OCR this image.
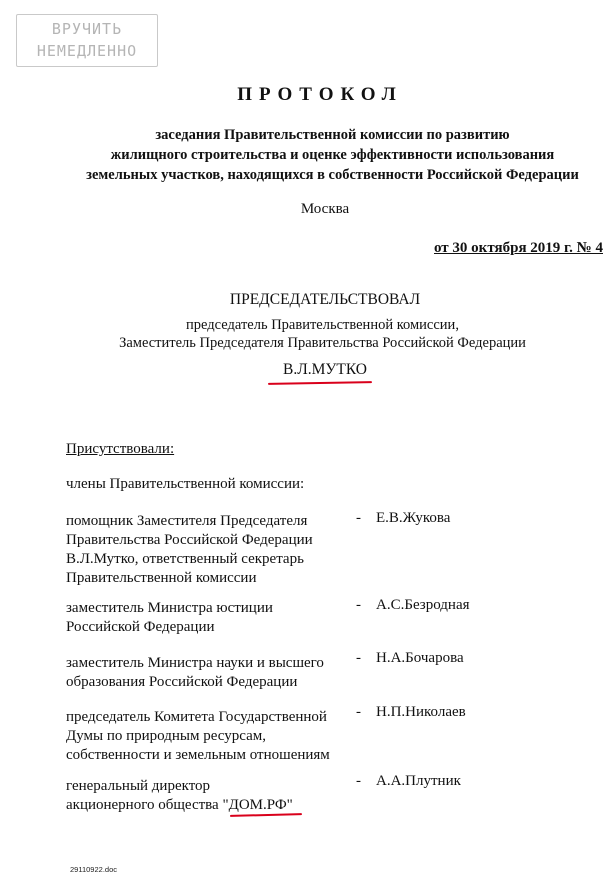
ВРУЧИТЬ
НЕМЕДЛЕННО
ПРОТОКОЛ
заседания Правительственной комиссии по развитию
жилищного строительства и оценке эффективности использования
земельных участков, находящихся в собственности Российской Федерации
Москва
от 30 октября 2019 г. № 4
ПРЕДСЕДАТЕЛЬСТВОВАЛ
председатель Правительственной комиссии,
Заместитель Председателя Правительства Российской Федерации
В.Л.МУТКО
Присутствовали:
члены Правительственной комиссии:
помощник Заместителя Председателя
Правительства Российской Федерации
В.Л.Мутко, ответственный секретарь
Правительственной комиссии
- Е.В.Жукова
заместитель Министра юстиции
Российской Федерации
- А.С.Безродная
заместитель Министра науки и высшего
образования Российской Федерации
- Н.А.Бочарова
председатель Комитета Государственной
Думы по природным ресурсам,
собственности и земельным отношениям
- Н.П.Николаев
генеральный директор
акционерного общества "ДОМ.РФ"
- А.А.Плутник
29110922.doc
